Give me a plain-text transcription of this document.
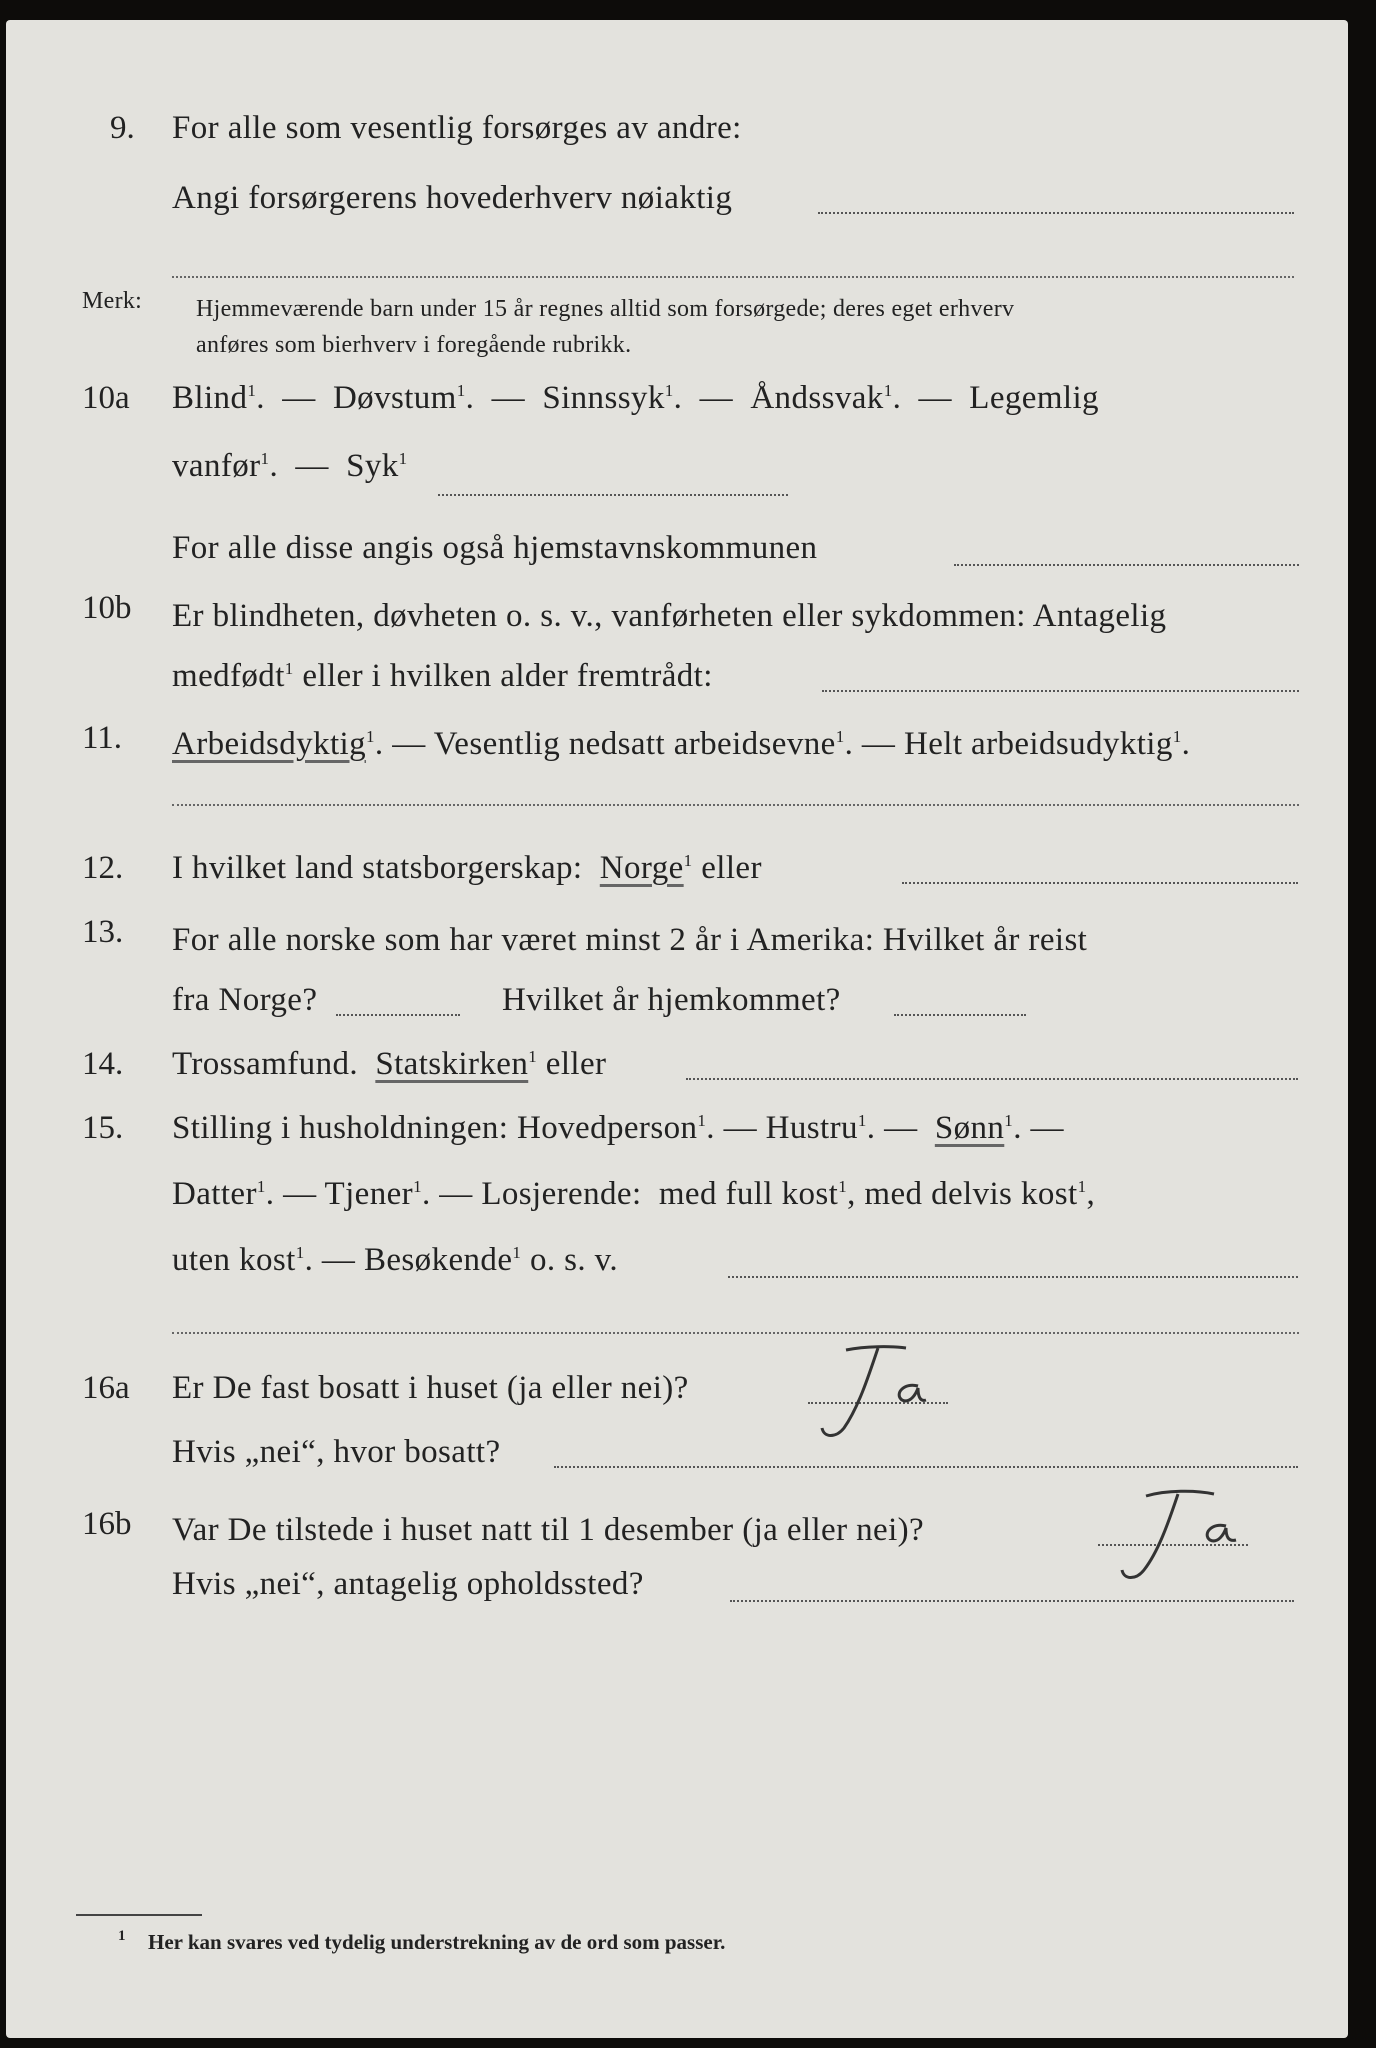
9. For alle som vesentlig forsørges av andre:
Angi forsørgerens hovederhverv nøiaktig
Merk: Hjemmeværende barn under 15 år regnes alltid som forsørgede; deres eget erhverv
anføres som bierhverv i foregående rubrikk.
10a Blind$^1$.  — Døvstum$^1$.  — Sinnssyk$^1$.  — Åndssvak$^1$.  — Legemlig
vanfør$^1$.  — Syk$^1$
For alle disse angis også hjemstavnskommunen
10b Er blindheten, døvheten o. s. v., vanførheten eller sykdommen: Antagelig
medfødt$^1$ eller i hvilken alder fremtrådt:
11. Arbeidsdyktig$^1$. — Vesentlig nedsatt arbeidsevne$^1$. — Helt arbeidsudyktig$^1$.
12. I hvilket land statsborgerskap: Norge$^1$ eller
13. For alle norske som har været minst 2 år i Amerika: Hvilket år reist
fra Norge?	Hvilket år hjemkommet?
14. Trossamfund. Statskirken$^1$ eller
15. Stilling i husholdningen: Hovedperson$^1$. — Hustru$^1$. — Sønn$^1$. —
Datter$^1$. — Tjener$^1$. — Losjerende: med full kost$^1$, med delvis kost$^1$,
uten kost$^1$. — Besøkende$^1$ o. s. v.
16a Er De fast bosatt i huset (ja eller nei)?
Hvis „nei“, hvor bosatt?
16b Var De tilstede i huset natt til 1 desember (ja eller nei)?
Hvis „nei“, antagelig opholdssted?
1 Her kan svares ved tydelig understrekning av de ord som passer.
